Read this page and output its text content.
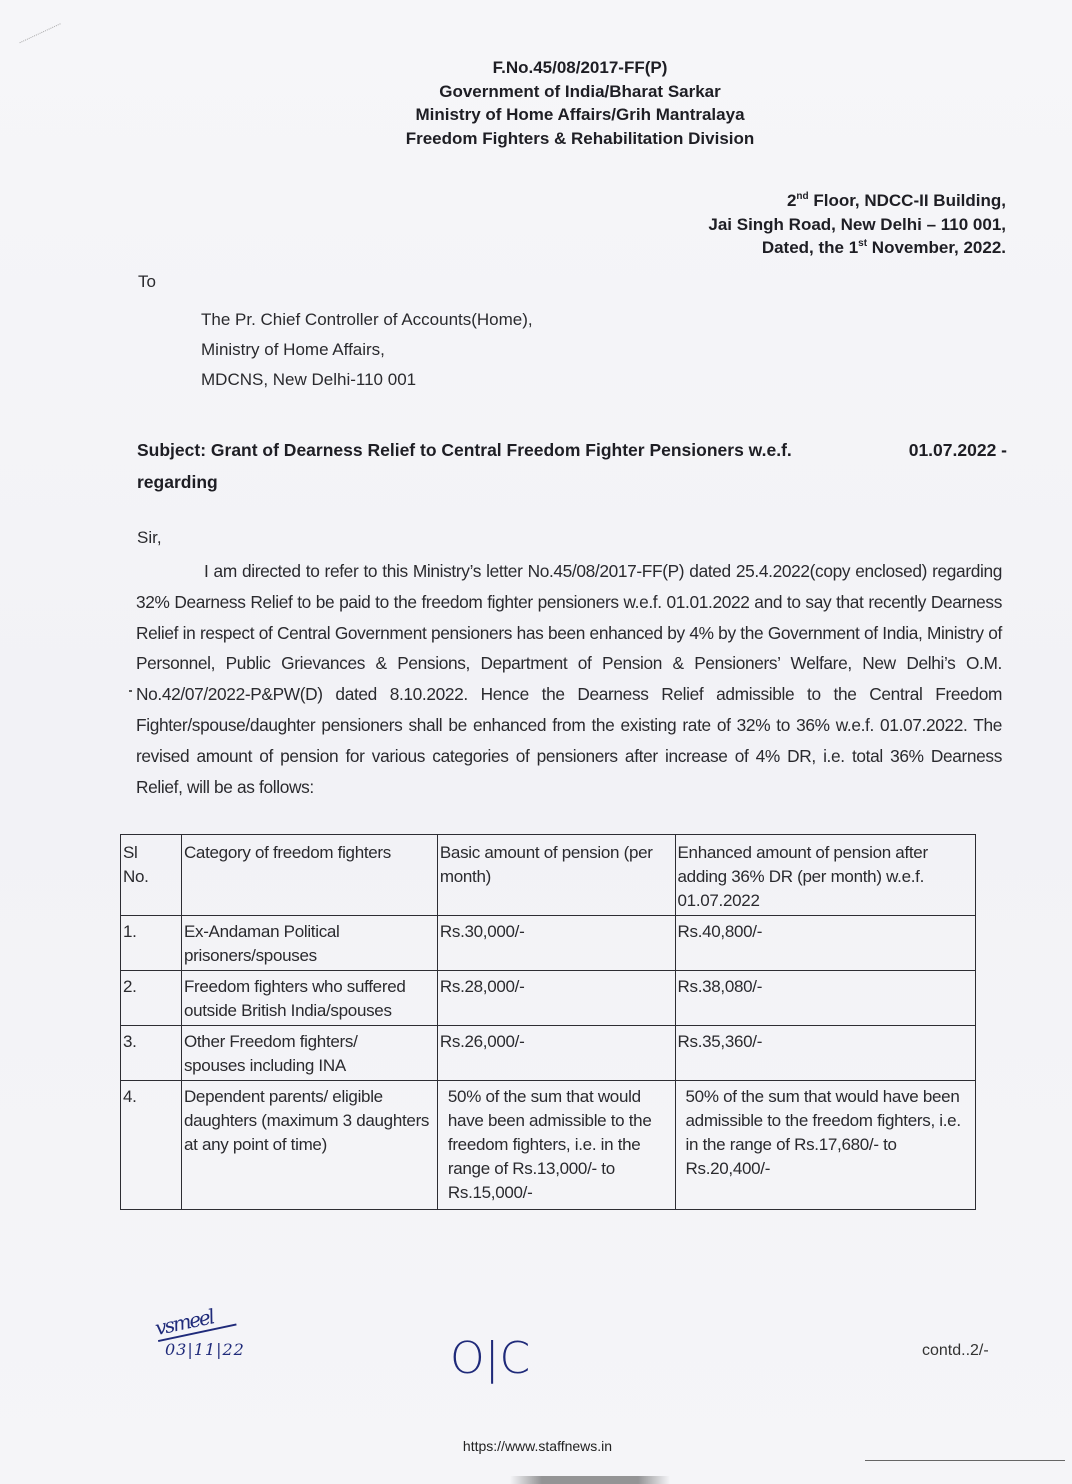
F.No.45/08/2017-FF(P)
Government of India/Bharat Sarkar
Ministry of Home Affairs/Grih Mantralaya
Freedom Fighters & Rehabilitation Division
2nd Floor, NDCC-II Building,
Jai Singh Road, New Delhi – 110 001,
Dated, the 1st November, 2022.
To
The Pr. Chief Controller of Accounts(Home),
Ministry of Home Affairs,
MDCNS, New Delhi-110 001
Subject: Grant of Dearness Relief to Central Freedom Fighter Pensioners w.e.f.	01.07.2022 -
regarding
Sir,

I am directed to refer to this Ministry’s letter No.45/08/2017-FF(P) dated 25.4.2022(copy enclosed) regarding 32% Dearness Relief to be paid to the freedom fighter pensioners w.e.f. 01.01.2022 and to say that recently Dearness Relief in respect of Central Government pensioners has been enhanced by 4% by the Government of India, Ministry of Personnel, Public Grievances & Pensions, Department of Pension & Pensioners’ Welfare, New Delhi’s O.M. No.42/07/2022-P&PW(D) dated 8.10.2022. Hence the Dearness Relief admissible to the Central Freedom Fighter/spouse/daughter pensioners shall be enhanced from the existing rate of 32% to 36% w.e.f. 01.07.2022. The revised amount of pension for various categories of pensioners after increase of 4% DR, i.e. total 36% Dearness Relief, will be as follows:

Sl No.	Category of freedom fighters	Basic amount of pension (per month)	Enhanced amount of pension after adding 36% DR (per month) w.e.f. 01.07.2022
1.	Ex-Andaman Political prisoners/spouses	Rs.30,000/-	Rs.40,800/-
2.	Freedom fighters who suffered outside British India/spouses	Rs.28,000/-	Rs.38,080/-
3.	Other Freedom fighters/ spouses including INA	Rs.26,000/-	Rs.35,360/-
4.	Dependent parents/ eligible daughters (maximum 3 daughters at any point of time)	50% of the sum that would have been admissible to the freedom fighters, i.e. in the range of Rs.13,000/- to Rs.15,000/-	50% of the sum that would have been admissible to the freedom fighters, i.e. in the range of Rs.17,680/- to Rs.20,400/-
vsmeel
03|11|22	O|C	contd..2/-
https://www.staffnews.in
